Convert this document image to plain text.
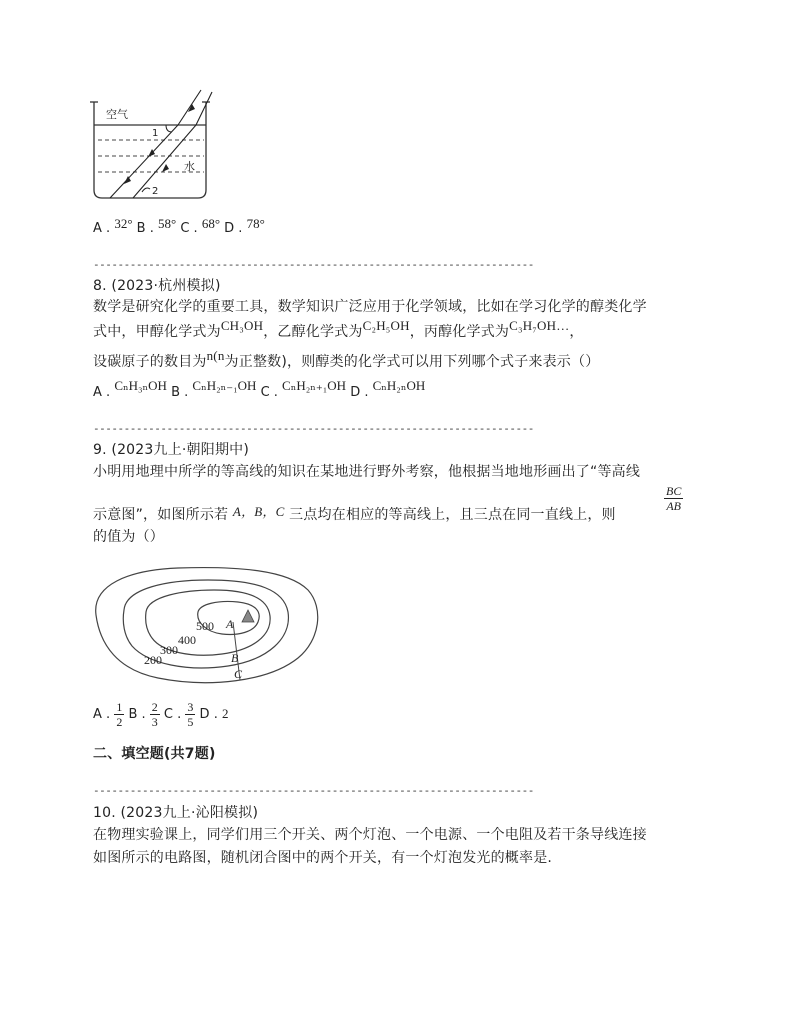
空气
水
1
2
A . 32° B . 58° C . 68° D . 78°
------------------------------------------------------------------------
8. (2023·杭州模拟)
数学是研究化学的重要工具，数学知识广泛应用于化学领域，比如在学习化学的醇类化学
式中，甲醇化学式为CH₃OH，乙醇化学式为C₂H₅OH，丙醇化学式为C₃H₇OH…，
设碳原子的数目为n(n为正整数)，则醇类的化学式可以用下列哪个式子来表示（）
A . CₙH₃ₙOH B . CₙH₂ₙ₋₁OH C . CₙH₂ₙ₊₁OH D . CₙH₂ₙOH
------------------------------------------------------------------------
9. (2023九上·朝阳期中)
小明用地理中所学的等高线的知识在某地进行野外考察，他根据当地地形画出了“等高线
示意图”，如图所示若 A，B，C 三点均在相应的等高线上，且三点在同一直线上，则
$\frac{BC}{AB}$
的值为（）
500
400
300
200
A
B
C
A . $\frac{1}{2}$ B . $\frac{2}{3}$ C . $\frac{3}{5}$ D . 2
二、填空题(共7题)
------------------------------------------------------------------------
10. (2023九上·沁阳模拟)
在物理实验课上，同学们用三个开关、两个灯泡、一个电源、一个电阻及若干条导线连接
如图所示的电路图，随机闭合图中的两个开关，有一个灯泡发光的概率是.
